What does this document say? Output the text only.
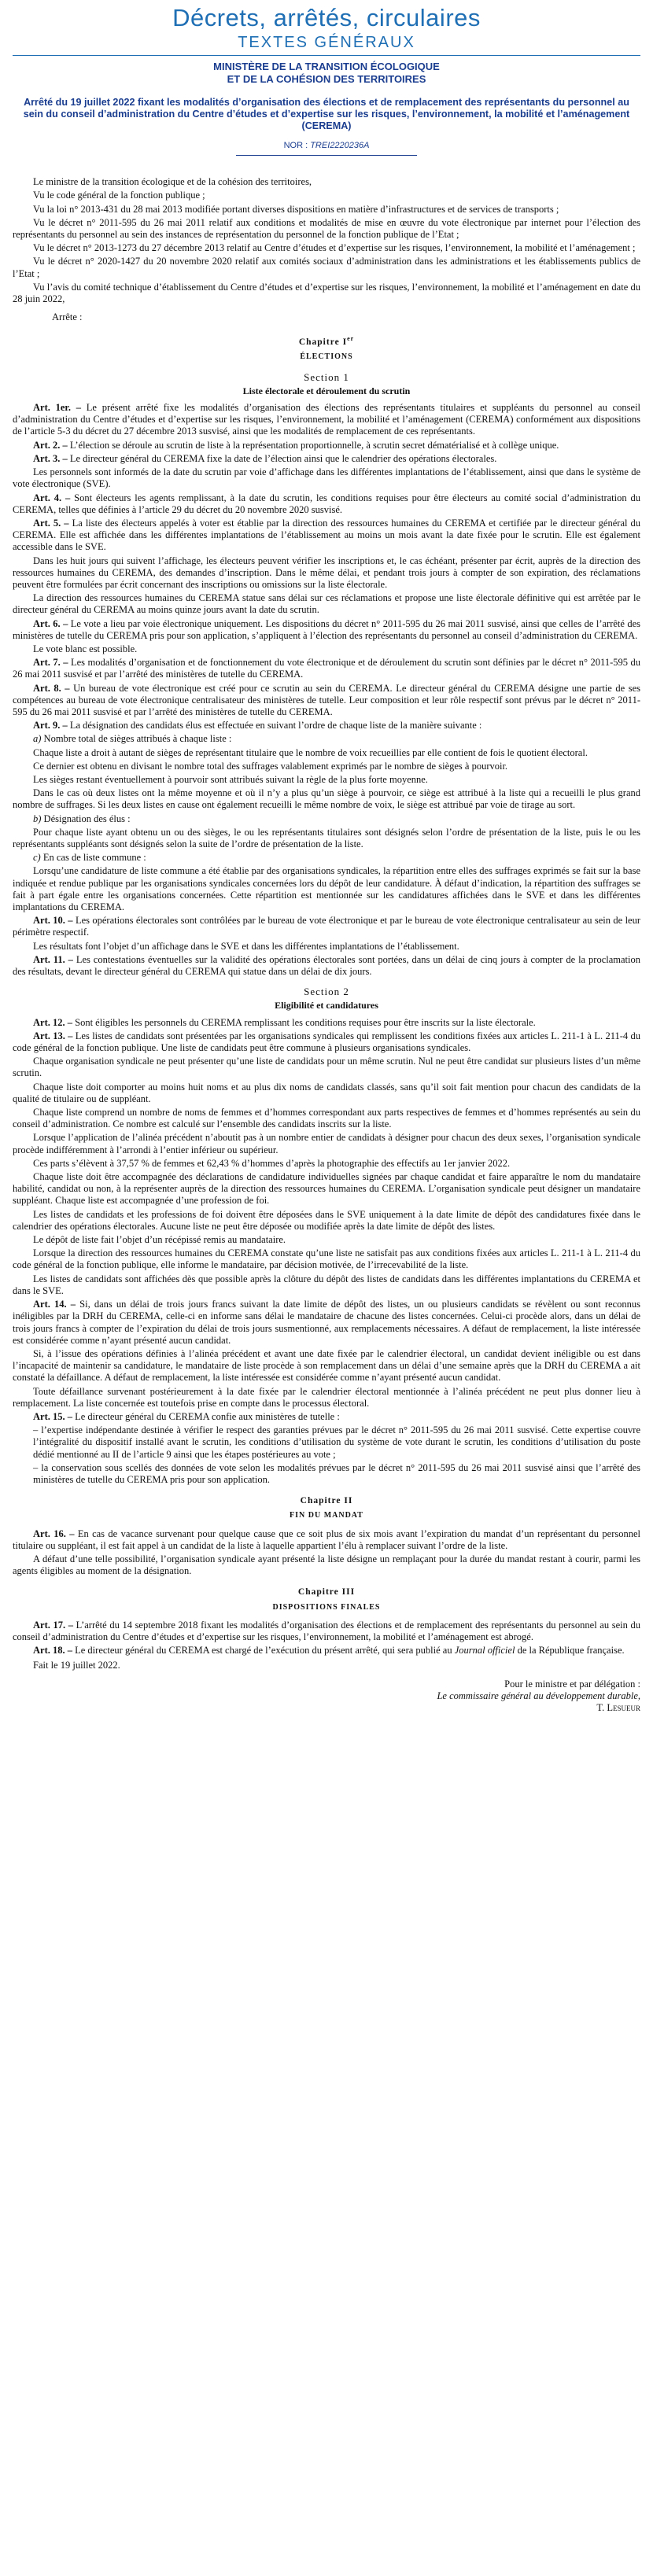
Décrets, arrêtés, circulaires
TEXTES GÉNÉRAUX
MINISTÈRE DE LA TRANSITION ÉCOLOGIQUE
ET DE LA COHÉSION DES TERRITOIRES
Arrêté du 19 juillet 2022 fixant les modalités d’organisation des élections et de remplacement des représentants du personnel au sein du conseil d’administration du Centre d’études et d’expertise sur les risques, l’environnement, la mobilité et l’aménagement (CEREMA)
NOR : TREI2220236A

Le ministre de la transition écologique et de la cohésion des territoires,

Vu le code général de la fonction publique ;

Vu la loi n° 2013-431 du 28 mai 2013 modifiée portant diverses dispositions en matière d’infrastructures et de services de transports ;

Vu le décret n° 2011-595 du 26 mai 2011 relatif aux conditions et modalités de mise en œuvre du vote électronique par internet pour l’élection des représentants du personnel au sein des instances de représentation du personnel de la fonction publique de l’Etat ;

Vu le décret n° 2013-1273 du 27 décembre 2013 relatif au Centre d’études et d’expertise sur les risques, l’environnement, la mobilité et l’aménagement ;

Vu le décret n° 2020-1427 du 20 novembre 2020 relatif aux comités sociaux d’administration dans les administrations et les établissements publics de l’Etat ;

Vu l’avis du comité technique d’établissement du Centre d’études et d’expertise sur les risques, l’environnement, la mobilité et l’aménagement en date du 28 juin 2022,

Arrête :

Chapitre Ier
ÉLECTIONS
Section 1
Liste électorale et déroulement du scrutin

Art. 1er. – Le présent arrêté fixe les modalités d’organisation des élections des représentants titulaires et suppléants du personnel au conseil d’administration du Centre d’études et d’expertise sur les risques, l’environnement, la mobilité et l’aménagement (CEREMA) conformément aux dispositions de l’article 5-3 du décret du 27 décembre 2013 susvisé, ainsi que les modalités de remplacement de ces représentants.

Art. 2. – L’élection se déroule au scrutin de liste à la représentation proportionnelle, à scrutin secret dématérialisé et à collège unique.

Art. 3. – Le directeur général du CEREMA fixe la date de l’élection ainsi que le calendrier des opérations électorales.

Les personnels sont informés de la date du scrutin par voie d’affichage dans les différentes implantations de l’établissement, ainsi que dans le système de vote électronique (SVE).

Art. 4. – Sont électeurs les agents remplissant, à la date du scrutin, les conditions requises pour être électeurs au comité social d’administration du CEREMA, telles que définies à l’article 29 du décret du 20 novembre 2020 susvisé.

Art. 5. – La liste des électeurs appelés à voter est établie par la direction des ressources humaines du CEREMA et certifiée par le directeur général du CEREMA. Elle est affichée dans les différentes implantations de l’établissement au moins un mois avant la date fixée pour le scrutin. Elle est également accessible dans le SVE.

Dans les huit jours qui suivent l’affichage, les électeurs peuvent vérifier les inscriptions et, le cas échéant, présenter par écrit, auprès de la direction des ressources humaines du CEREMA, des demandes d’inscription. Dans le même délai, et pendant trois jours à compter de son expiration, des réclamations peuvent être formulées par écrit concernant des inscriptions ou omissions sur la liste électorale.

La direction des ressources humaines du CEREMA statue sans délai sur ces réclamations et propose une liste électorale définitive qui est arrêtée par le directeur général du CEREMA au moins quinze jours avant la date du scrutin.

Art. 6. – Le vote a lieu par voie électronique uniquement. Les dispositions du décret n° 2011-595 du 26 mai 2011 susvisé, ainsi que celles de l’arrêté des ministères de tutelle du CEREMA pris pour son application, s’appliquent à l’élection des représentants du personnel au conseil d’administration du CEREMA.

Le vote blanc est possible.

Art. 7. – Les modalités d’organisation et de fonctionnement du vote électronique et de déroulement du scrutin sont définies par le décret n° 2011-595 du 26 mai 2011 susvisé et par l’arrêté des ministères de tutelle du CEREMA.

Art. 8. – Un bureau de vote électronique est créé pour ce scrutin au sein du CEREMA. Le directeur général du CEREMA désigne une partie de ses compétences au bureau de vote électronique centralisateur des ministères de tutelle. Leur composition et leur rôle respectif sont prévus par le décret n° 2011-595 du 26 mai 2011 susvisé et par l’arrêté des ministères de tutelle du CEREMA.

Art. 9. – La désignation des candidats élus est effectuée en suivant l’ordre de chaque liste de la manière suivante :

a) Nombre total de sièges attribués à chaque liste :

Chaque liste a droit à autant de sièges de représentant titulaire que le nombre de voix recueillies par elle contient de fois le quotient électoral.

Ce dernier est obtenu en divisant le nombre total des suffrages valablement exprimés par le nombre de sièges à pourvoir.

Les sièges restant éventuellement à pourvoir sont attribués suivant la règle de la plus forte moyenne.

Dans le cas où deux listes ont la même moyenne et où il n’y a plus qu’un siège à pourvoir, ce siège est attribué à la liste qui a recueilli le plus grand nombre de suffrages. Si les deux listes en cause ont également recueilli le même nombre de voix, le siège est attribué par voie de tirage au sort.

b) Désignation des élus :

Pour chaque liste ayant obtenu un ou des sièges, le ou les représentants titulaires sont désignés selon l’ordre de présentation de la liste, puis le ou les représentants suppléants sont désignés selon la suite de l’ordre de présentation de la liste.

c) En cas de liste commune :

Lorsqu’une candidature de liste commune a été établie par des organisations syndicales, la répartition entre elles des suffrages exprimés se fait sur la base indiquée et rendue publique par les organisations syndicales concernées lors du dépôt de leur candidature. À défaut d’indication, la répartition des suffrages se fait à part égale entre les organisations concernées. Cette répartition est mentionnée sur les candidatures affichées dans le SVE et dans les différentes implantations du CEREMA.

Art. 10. – Les opérations électorales sont contrôlées par le bureau de vote électronique et par le bureau de vote électronique centralisateur au sein de leur périmètre respectif.

Les résultats font l’objet d’un affichage dans le SVE et dans les différentes implantations de l’établissement.

Art. 11. – Les contestations éventuelles sur la validité des opérations électorales sont portées, dans un délai de cinq jours à compter de la proclamation des résultats, devant le directeur général du CEREMA qui statue dans un délai de dix jours.

Section 2
Eligibilité et candidatures

Art. 12. – Sont éligibles les personnels du CEREMA remplissant les conditions requises pour être inscrits sur la liste électorale.

Art. 13. – Les listes de candidats sont présentées par les organisations syndicales qui remplissent les conditions fixées aux articles L. 211-1 à L. 211-4 du code général de la fonction publique. Une liste de candidats peut être commune à plusieurs organisations syndicales.

Chaque organisation syndicale ne peut présenter qu’une liste de candidats pour un même scrutin. Nul ne peut être candidat sur plusieurs listes d’un même scrutin.

Chaque liste doit comporter au moins huit noms et au plus dix noms de candidats classés, sans qu’il soit fait mention pour chacun des candidats de la qualité de titulaire ou de suppléant.

Chaque liste comprend un nombre de noms de femmes et d’hommes correspondant aux parts respectives de femmes et d’hommes représentés au sein du conseil d’administration. Ce nombre est calculé sur l’ensemble des candidats inscrits sur la liste.

Lorsque l’application de l’alinéa précédent n’aboutit pas à un nombre entier de candidats à désigner pour chacun des deux sexes, l’organisation syndicale procède indifféremment à l’arrondi à l’entier inférieur ou supérieur.

Ces parts s’élèvent à 37,57 % de femmes et 62,43 % d’hommes d’après la photographie des effectifs au 1er janvier 2022.

Chaque liste doit être accompagnée des déclarations de candidature individuelles signées par chaque candidat et faire apparaître le nom du mandataire habilité, candidat ou non, à la représenter auprès de la direction des ressources humaines du CEREMA. L’organisation syndicale peut désigner un mandataire suppléant. Chaque liste est accompagnée d’une profession de foi.

Les listes de candidats et les professions de foi doivent être déposées dans le SVE uniquement à la date limite de dépôt des candidatures fixée dans le calendrier des opérations électorales. Aucune liste ne peut être déposée ou modifiée après la date limite de dépôt des listes.

Le dépôt de liste fait l’objet d’un récépissé remis au mandataire.

Lorsque la direction des ressources humaines du CEREMA constate qu’une liste ne satisfait pas aux conditions fixées aux articles L. 211-1 à L. 211-4 du code général de la fonction publique, elle informe le mandataire, par décision motivée, de l’irrecevabilité de la liste.

Les listes de candidats sont affichées dès que possible après la clôture du dépôt des listes de candidats dans les différentes implantations du CEREMA et dans le SVE.

Art. 14. – Si, dans un délai de trois jours francs suivant la date limite de dépôt des listes, un ou plusieurs candidats se révèlent ou sont reconnus inéligibles par la DRH du CEREMA, celle-ci en informe sans délai le mandataire de chacune des listes concernées. Celui-ci procède alors, dans un délai de trois jours francs à compter de l’expiration du délai de trois jours susmentionné, aux remplacements nécessaires. A défaut de remplacement, la liste intéressée est considérée comme n’ayant présenté aucun candidat.

Si, à l’issue des opérations définies à l’alinéa précédent et avant une date fixée par le calendrier électoral, un candidat devient inéligible ou est dans l’incapacité de maintenir sa candidature, le mandataire de liste procède à son remplacement dans un délai d’une semaine après que la DRH du CEREMA a ait constaté la défaillance. A défaut de remplacement, la liste intéressée est considérée comme n’ayant présenté aucun candidat.

Toute défaillance survenant postérieurement à la date fixée par le calendrier électoral mentionnée à l’alinéa précédent ne peut plus donner lieu à remplacement. La liste concernée est toutefois prise en compte dans le processus électoral.

Art. 15. – Le directeur général du CEREMA confie aux ministères de tutelle :

– l’expertise indépendante destinée à vérifier le respect des garanties prévues par le décret n° 2011-595 du 26 mai 2011 susvisé. Cette expertise couvre l’intégralité du dispositif installé avant le scrutin, les conditions d’utilisation du système de vote durant le scrutin, les conditions d’utilisation du poste dédié mentionné au II de l’article 9 ainsi que les étapes postérieures au vote ;

– la conservation sous scellés des données de vote selon les modalités prévues par le décret n° 2011-595 du 26 mai 2011 susvisé ainsi que l’arrêté des ministères de tutelle du CEREMA pris pour son application.

Chapitre II
FIN DU MANDAT

Art. 16. – En cas de vacance survenant pour quelque cause que ce soit plus de six mois avant l’expiration du mandat d’un représentant du personnel titulaire ou suppléant, il est fait appel à un candidat de la liste à laquelle appartient l’élu à remplacer suivant l’ordre de la liste.

A défaut d’une telle possibilité, l’organisation syndicale ayant présenté la liste désigne un remplaçant pour la durée du mandat restant à courir, parmi les agents éligibles au moment de la désignation.

Chapitre III
DISPOSITIONS FINALES

Art. 17. – L’arrêté du 14 septembre 2018 fixant les modalités d’organisation des élections et de remplacement des représentants du personnel au sein du conseil d’administration du Centre d’études et d’expertise sur les risques, l’environnement, la mobilité et l’aménagement est abrogé.

Art. 18. – Le directeur général du CEREMA est chargé de l’exécution du présent arrêté, qui sera publié au Journal officiel de la République française.

Fait le 19 juillet 2022.

Pour le ministre et par délégation :
Le commissaire général au développement durable,
T. Lesueur
